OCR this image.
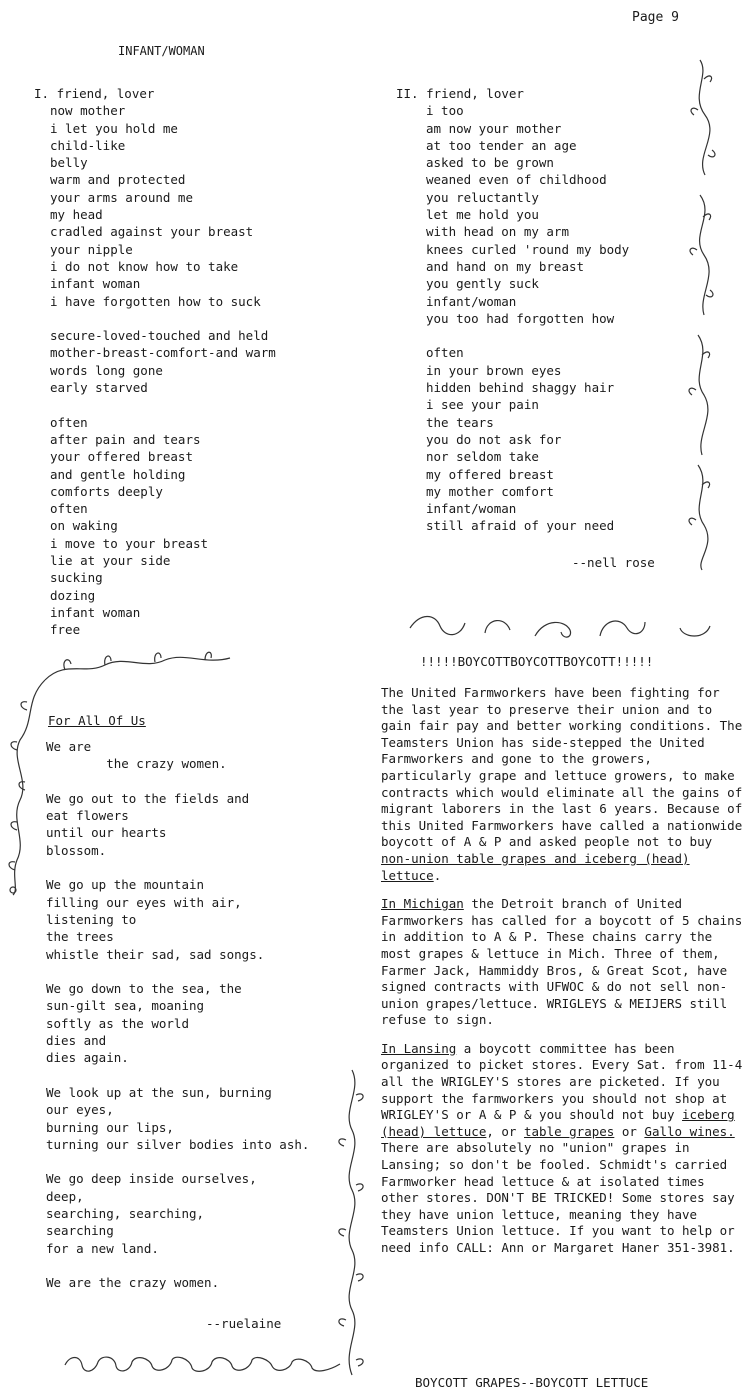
Page 9
INFANT/WOMAN
I. friend, lover
now mother
i let you hold me
child-like
belly
warm and protected
your arms around me
my head
cradled against your breast
your nipple
i do not know how to take
infant woman
i have forgotten how to suck
secure-loved-touched and held
mother-breast-comfort-and warm
words long gone
early starved
often
after pain and tears
your offered breast
and gentle holding
comforts deeply
often
on waking
i move to your breast
lie at your side
sucking
dozing
infant woman
free
II. friend, lover
i too
am now your mother
at too tender an age
asked to be grown
weaned even of childhood
you reluctantly
let me hold you
with head on my arm
knees curled 'round my body
and hand on my breast
you gently suck
infant/woman
you too had forgotten how
often
in your brown eyes
hidden behind shaggy hair
i see your pain
the tears
you do not ask for
nor seldom take
my offered breast
my mother comfort
infant/woman
still afraid of your need
--nell rose
For All Of Us
We are
the crazy women.
We go out to the fields and
eat flowers
until our hearts
blossom.
We go up the mountain
filling our eyes with air,
listening to
the trees
whistle their sad, sad songs.
We go down to the sea, the
sun-gilt sea, moaning
softly as the world
dies and
dies again.
We look up at the sun, burning
our eyes,
burning our lips,
turning our silver bodies into ash.
We go deep inside ourselves,
deep,
searching, searching,
searching
for a new land.
We are the crazy women.
--ruelaine
!!!!!BOYCOTTBOYCOTTBOYCOTT!!!!!

The United Farmworkers have been fighting for the last year to preserve their union and to gain fair pay and better working conditions. The Teamsters Union has side-stepped the United Farmworkers and gone to the growers, particularly grape and lettuce growers, to make contracts which would eliminate all the gains of migrant laborers in the last 6 years. Because of this United Farmworkers have called a nationwide boycott of A & P and asked people not to buy non-union table grapes and iceberg (head) lettuce.

In Michigan the Detroit branch of United Farmworkers has called for a boycott of 5 chains in addition to A & P. These chains carry the most grapes & lettuce in Mich. Three of them, Farmer Jack, Hammiddy Bros, & Great Scot, have signed contracts with UFWOC & do not sell non-union grapes/lettuce. WRIGLEYS & MEIJERS still refuse to sign.

In Lansing a boycott committee has been organized to picket stores. Every Sat. from 11-4 all the WRIGLEY'S stores are picketed. If you support the farmworkers you should not shop at WRIGLEY'S or A & P & you should not buy iceberg (head) lettuce, or table grapes or Gallo wines. There are absolutely no "union" grapes in Lansing; so don't be fooled. Schmidt's carried Farmworker head lettuce & at isolated times other stores. DON'T BE TRICKED! Some stores say they have union lettuce, meaning they have Teamsters Union lettuce. If you want to help or need info CALL: Ann or Margaret Haner 351-3981.

BOYCOTT GRAPES--BOYCOTT LETTUCE
